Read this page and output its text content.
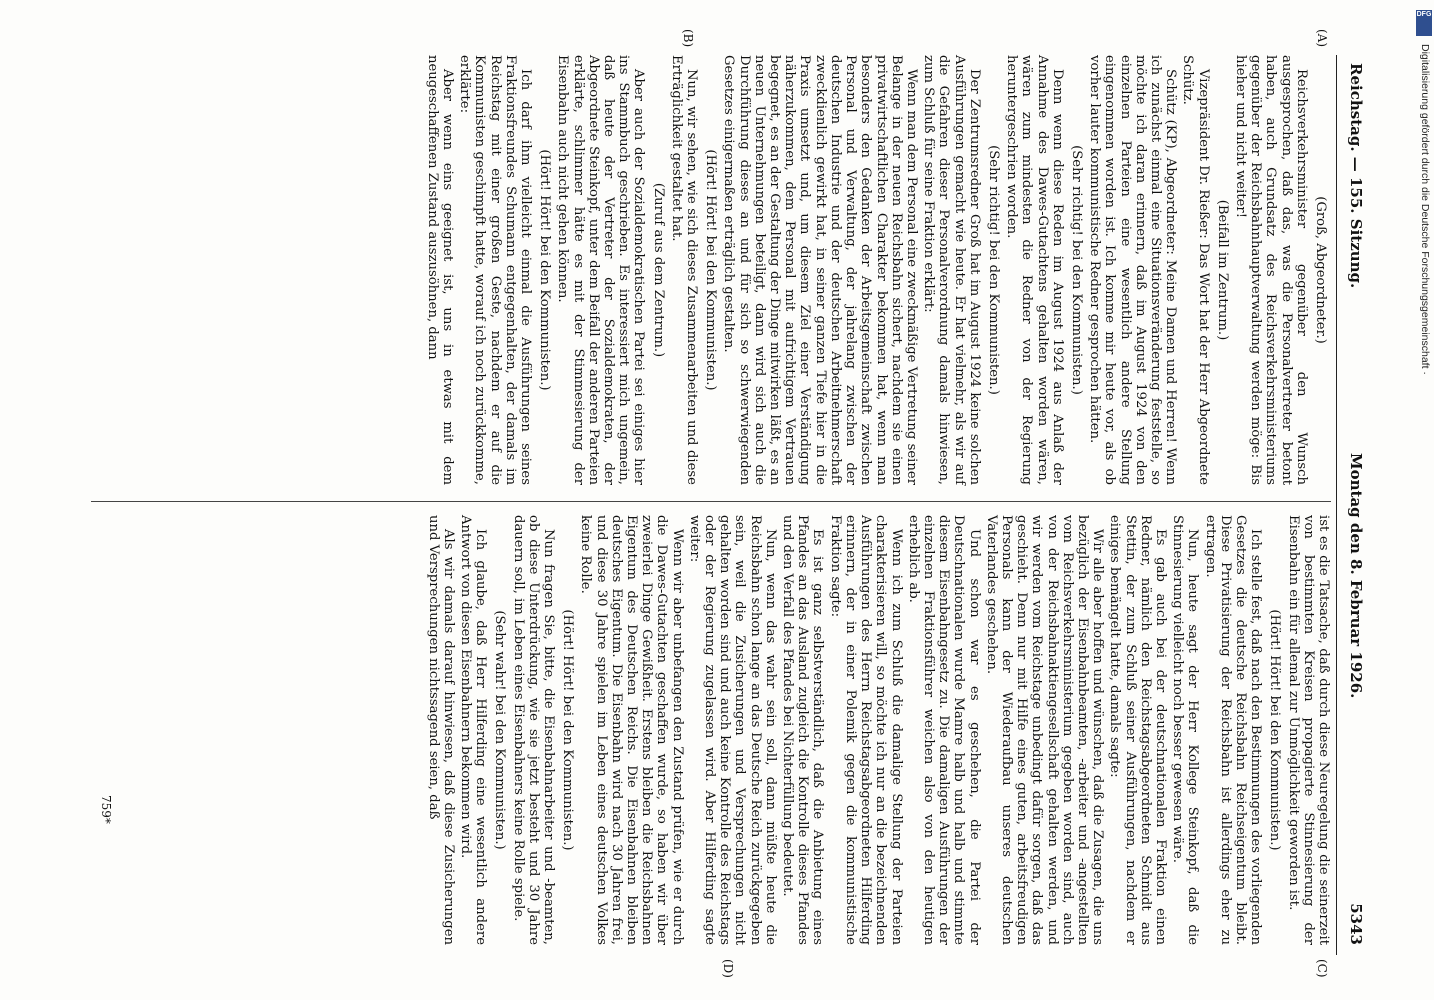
Reichstag. — 155. Sitzung.
Montag den 8. Februar 1926.
5343
(A)
(B)
(C)
(D)

(Groß, Abgeordneter.)

Reichsverkehrsminister gegenüber den Wunsch ausgesprochen, daß das, was die Personalvertreter betont haben, auch Grundsatz des Reichsverkehrsministeriums gegenüber der Reichsbahnhauptverwaltung werden möge: Bis hieher und nicht weiter!

(Beifall im Zentrum.)

Vizepräsident Dr. Rießer: Das Wort hat der Herr Abgeordnete Schütz.

Schütz (KP), Abgeordneter: Meine Damen und Herren! Wenn ich zunächst einmal eine Situationsveränderung feststelle, so möchte ich daran erinnern, daß im August 1924 von den einzelnen Parteien eine wesentlich andere Stellung eingenommen worden ist. Ich komme mir heute vor, als ob vorher lauter kommunistische Redner gesprochen hätten.

(Sehr richtig! bei den Kommunisten.)

Denn wenn diese Reden im August 1924 aus Anlaß der Annahme des Dawes-Gutachtens gehalten worden wären, wären zum mindesten die Redner von der Regierung heruntergeschrien worden.

(Sehr richtig! bei den Kommunisten.)

Der Zentrumsredner Groß hat im August 1924 keine solchen Ausführungen gemacht wie heute. Er hat vielmehr, als wir auf die Gefahren dieser Personalverordnung damals hinwiesen, zum Schluß für seine Fraktion erklärt:

Wenn man dem Personal eine zweckmäßige Vertretung seiner Belange in der neuen Reichsbahn sichert, nachdem sie einen privatwirtschaftlichen Charakter bekommen hat, wenn man besonders den Gedanken der Arbeitsgemeinschaft zwischen Personal und Verwaltung, der jahrelang zwischen der deutschen Industrie und der deutschen Arbeitnehmerschaft zweckdienlich gewirkt hat, in seiner ganzen Tiefe hier in die Praxis umsetzt und, um diesem Ziel einer Verständigung näherzukommen, dem Personal mit aufrichtigem Vertrauen begegnet, es an der Gestaltung der Dinge mitwirken läßt, es an neuen Unternehmungen beteiligt, dann wird sich auch die Durchführung dieses an und für sich so schwerwiegenden Gesetzes einigermaßen erträglich gestalten.

(Hört! Hört! bei den Kommunisten.)

Nun, wir sehen, wie sich dieses Zusammenarbeiten und diese Erträglichkeit gestaltet hat.

(Zuruf aus dem Zentrum.)

Aber auch der Sozialdemokratischen Partei sei einiges hier ins Stammbuch geschrieben. Es interessiert mich ungemein, daß heute der Vertreter der Sozialdemokraten, der Abgeordnete Steinkopf, unter dem Beifall der anderen Parteien erklärte, schlimmer hätte es mit der Stimmesierung der Eisenbahn auch nicht gehen können.

(Hört! Hört! bei den Kommunisten.)

Ich darf ihm vielleicht einmal die Ausführungen seines Fraktionsfreundes Schumann entgegenhalten, der damals im Reichstag mit einer großen Geste, nachdem er auf die Kommunisten geschimpft hatte, worauf ich noch zurückkomme, erklärte:

Aber wenn eins geeignet ist, uns in etwas mit dem neugeschaffenen Zustand auszusöhnen, dann

ist es die Tatsache, daß durch diese Neuregelung die seinerzeit von bestimmten Kreisen propagierte Stinnesierung der Eisenbahn ein für allemal zur Unmöglichkeit geworden ist.

(Hört! Hört! bei den Kommunisten.)

Ich stelle fest, daß nach den Bestimmungen des vorliegenden Gesetzes die deutsche Reichsbahn Reichseigentum bleibt. Diese Privatisierung der Reichsbahn ist allerdings eher zu ertragen.

Nun, heute sagt der Herr Kollege Steinkopf, daß die Stinnesierung vielleicht noch besser gewesen wäre.

Es gab auch bei der deutschnationalen Fraktion einen Redner, nämlich den Reichstagsabgeordneten Schmidt aus Stettin, der zum Schluß seiner Ausführungen, nachdem er einiges bemängelt hatte, damals sagte:

Wir alle aber hoffen und wünschen, daß die Zusagen, die uns bezüglich der Eisenbahnbeamten, -arbeiter und -angestellten vom Reichsverkehrsministerium gegeben worden sind, auch von der Reichsbahnaktiengesellschaft gehalten werden, und wir werden vom Reichstage unbedingt dafür sorgen, daß das geschieht. Denn nur mit Hilfe eines guten, arbeitsfreudigen Personals kann der Wiederaufbau unseres deutschen Vaterlandes geschehen.

Und schon war es geschehen, die Partei der Deutschnationalen wurde Mamre halb und halb und stimmte diesem Eisenbahngesetz zu. Die damaligen Ausführungen der einzelnen Fraktionsführer weichen also von den heutigen erheblich ab.

Wenn ich zum Schluß die damalige Stellung der Parteien charakterisieren will, so möchte ich nur an die bezeichnenden Ausführungen des Herrn Reichstagsabgeordneten Hilferding erinnern, der in einer Polemik gegen die kommunistische Fraktion sagte:

Es ist ganz selbstverständlich, daß die Anbietung eines Pfandes an das Ausland zugleich die Kontrolle dieses Pfandes und den Verfall des Pfandes bei Nichterfüllung bedeutet.

Nun, wenn das wahr sein soll, dann müßte heute die Reichsbahn schon lange an das Deutsche Reich zurückgegeben sein, weil die Zusicherungen und Versprechungen nicht gehalten worden sind und auch keine Kontrolle des Reichstags oder der Regierung zugelassen wird. Aber Hilferding sagte weiter:

Wenn wir aber unbefangen den Zustand prüfen, wie er durch die Dawes-Gutachten geschaffen wurde, so haben wir über zweierlei Dinge Gewißheit. Erstens bleiben die Reichsbahnen Eigentum des Deutschen Reichs. Die Eisenbahnen bleiben deutsches Eigentum. Die Eisenbahn wird nach 30 Jahren frei, und diese 30 Jahre spielen im Leben eines deutschen Volkes keine Rolle.

(Hört! Hört! bei den Kommunisten.)

Nun fragen Sie, bitte, die Eisenbahnarbeiter und -beamten, ob diese Unterdrückung, wie sie jetzt besteht und 30 Jahre dauern soll, im Leben eines Eisenbahners keine Rolle spiele.

(Sehr wahr! bei den Kommunisten.)

Ich glaube, daß Herr Hilferding eine wesentlich andere Antwort von diesen Eisenbahnern bekommen wird.

Als wir damals darauf hinwiesen, daß diese Zusicherungen und Versprechungen nichtssagend seien, daß

759*
DFG
Digitalisierung gefördert durch die Deutsche Forschungsgemeinschaft ·
